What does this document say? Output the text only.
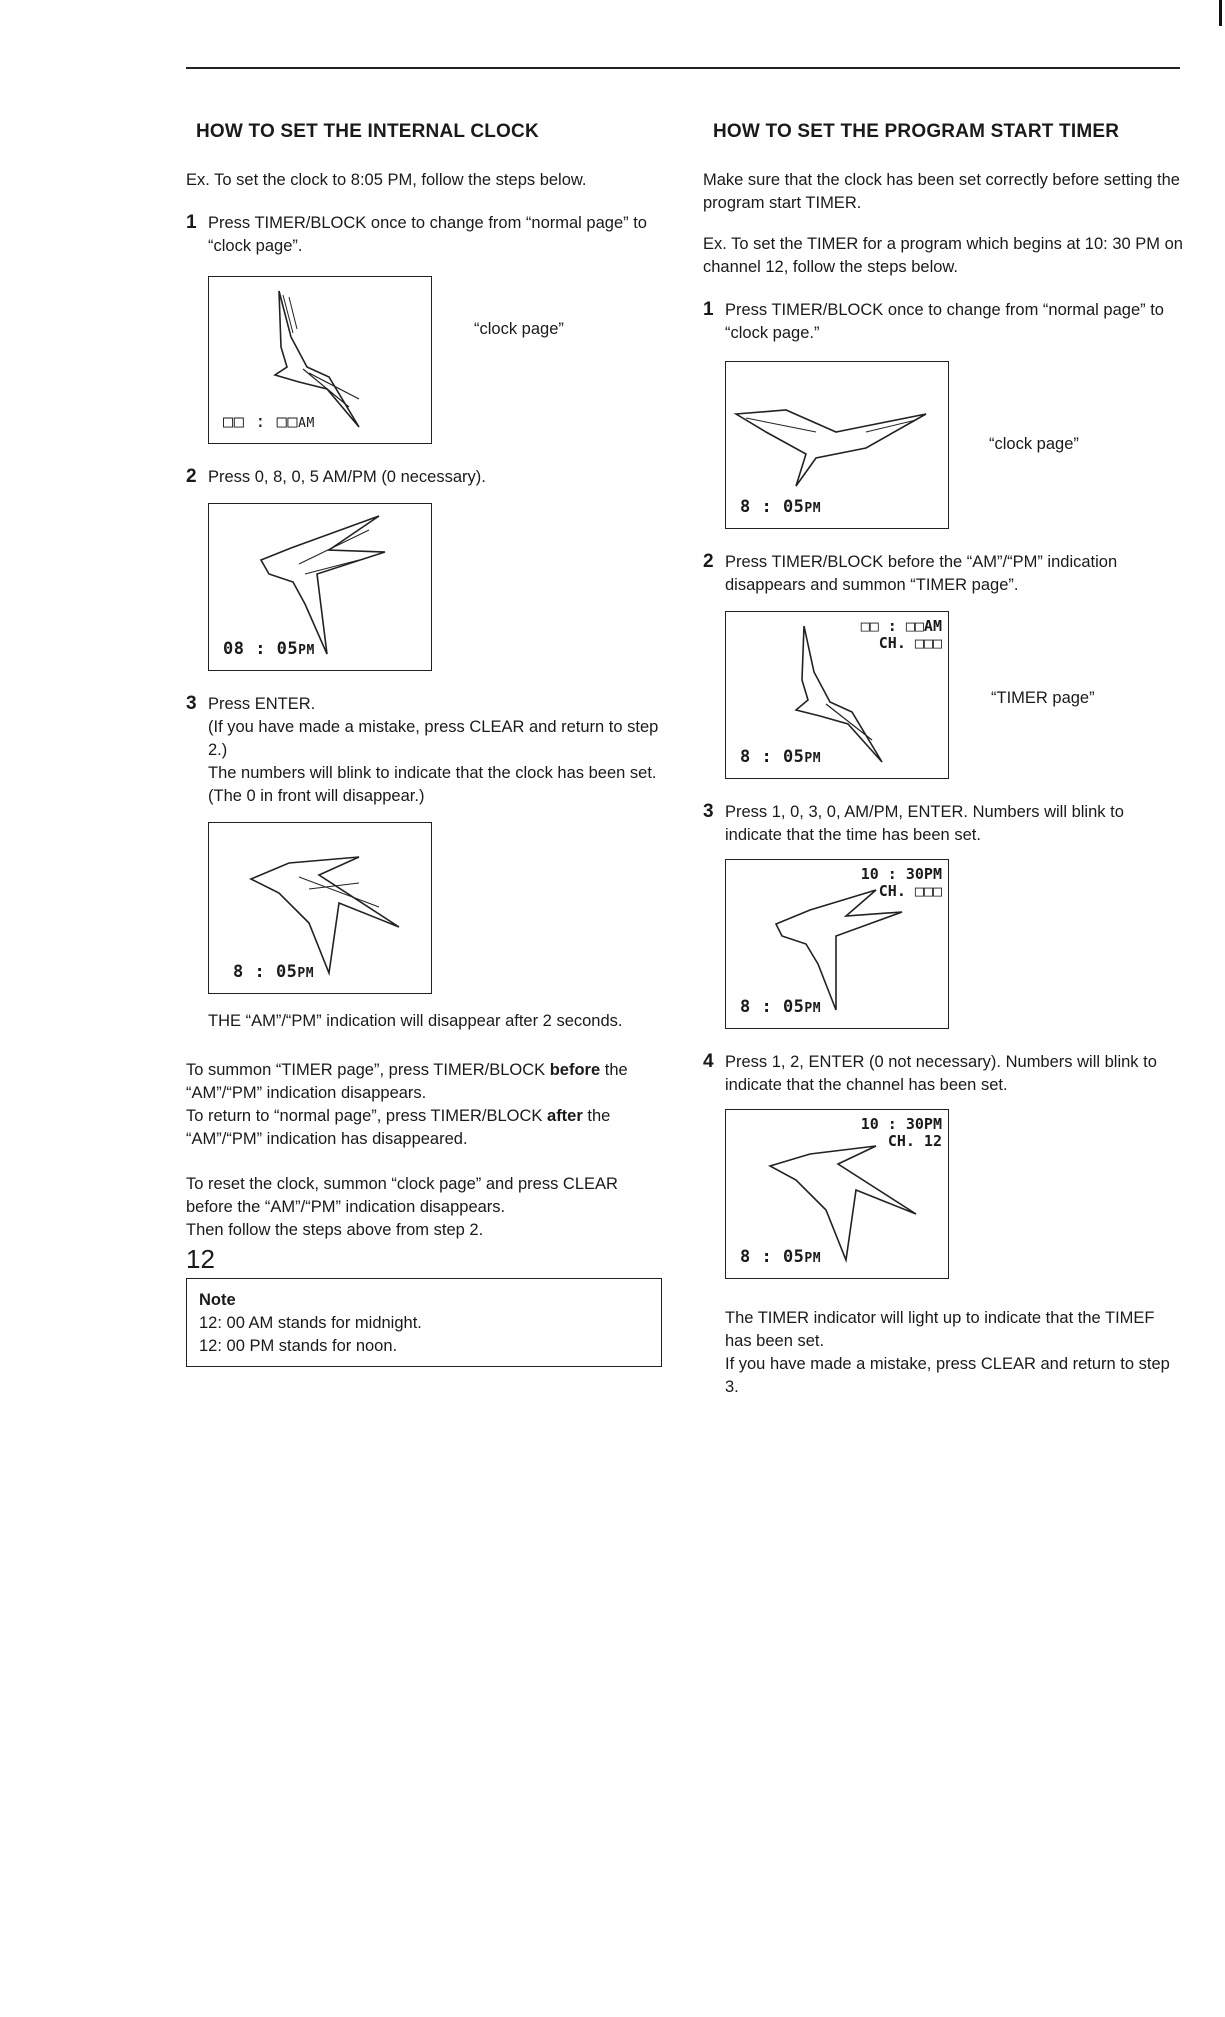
HOW TO SET THE INTERNAL CLOCK

Ex. To set the clock to 8:05 PM, follow the steps below.

1 Press TIMER/BLOCK once to change from “normal page” to “clock page”.
□□ : □□AM
“clock page”
2 Press 0, 8, 0, 5 AM/PM (0 necessary).
08 : 05PM
3 Press ENTER.

(If you have made a mistake, press CLEAR and return to step 2.)

The numbers will blink to indicate that the clock has been set.

(The 0 in front will disappear.)

8 : 05PM

THE “AM”/“PM” indication will disappear after 2 seconds.

To summon “TIMER page”, press TIMER/BLOCK before the “AM”/“PM” indication disappears.

To return to “normal page”, press TIMER/BLOCK after the “AM”/“PM” indication has disappeared.

To reset the clock, summon “clock page” and press CLEAR before the “AM”/“PM” indication disappears.

Then follow the steps above from step 2.

Note

12: 00 AM stands for midnight.

12: 00 PM stands for noon.

HOW TO SET THE PROGRAM START TIMER

Make sure that the clock has been set correctly before setting the program start TIMER.

Ex. To set the TIMER for a program which begins at 10: 30 PM on channel 12, follow the steps below.

1 Press TIMER/BLOCK once to change from “normal page” to “clock page.”
8 : 05PM
“clock page”
2 Press TIMER/BLOCK before the “AM”/“PM” indication disappears and summon “TIMER page”.
□□ : □□AM
CH. □□□
8 : 05PM
“TIMER page”
3 Press 1, 0, 3, 0, AM/PM, ENTER. Numbers will blink to indicate that the time has been set.
10 : 30PM
CH. □□□
8 : 05PM
4 Press 1, 2, ENTER (0 not necessary). Numbers will blink to indicate that the channel has been set.
10 : 30PM
CH. 12
8 : 05PM

The TIMER indicator will light up to indicate that the TIMEF has been set.

If you have made a mistake, press CLEAR and return to step 3.

12
